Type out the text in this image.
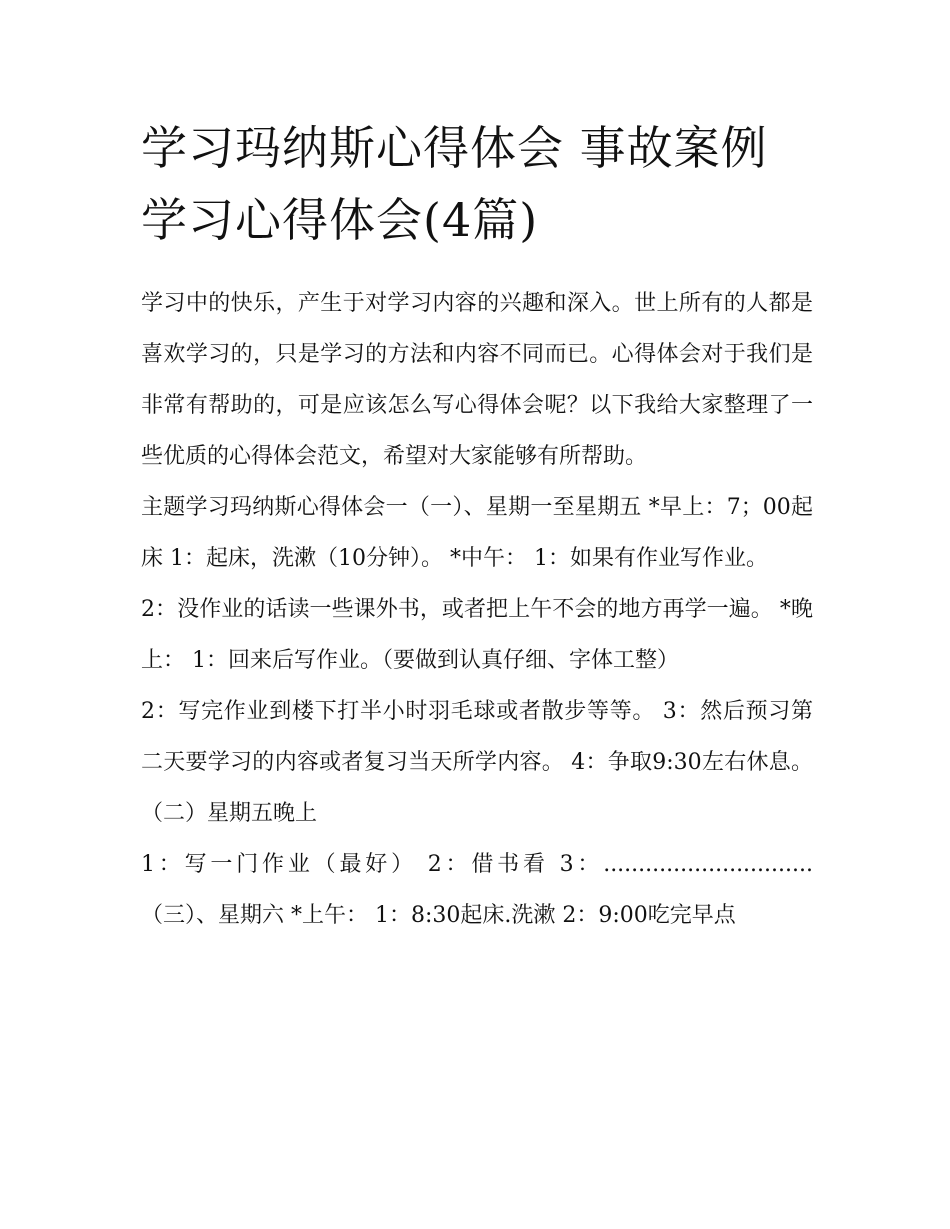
学习玛纳斯心得体会 事故案例学习心得体会(4篇)

学习中的快乐，产生于对学习内容的兴趣和深入。世上所有的人都是喜欢学习的，只是学习的方法和内容不同而已。心得体会对于我们是非常有帮助的，可是应该怎么写心得体会呢？以下我给大家整理了一些优质的心得体会范文，希望对大家能够有所帮助。

主题学习玛纳斯心得体会一（一）、星期一至星期五 *早上：7；00起床 1：起床，洗漱（10分钟）。 *中午： 1：如果有作业写作业。

2：没作业的话读一些课外书，或者把上午不会的地方再学一遍。 *晚上： 1：回来后写作业。（要做到认真仔细、字体工整）

2：写完作业到楼下打半小时羽毛球或者散步等等。 3：然后预习第二天要学习的内容或者复习当天所学内容。 4：争取9:30左右休息。 （二）星期五晚上

1：写一门作业（最好） 2：借书看 3：..............................（三）、星期六 *上午： 1：8:30起床.洗漱 2：9:00吃完早点
